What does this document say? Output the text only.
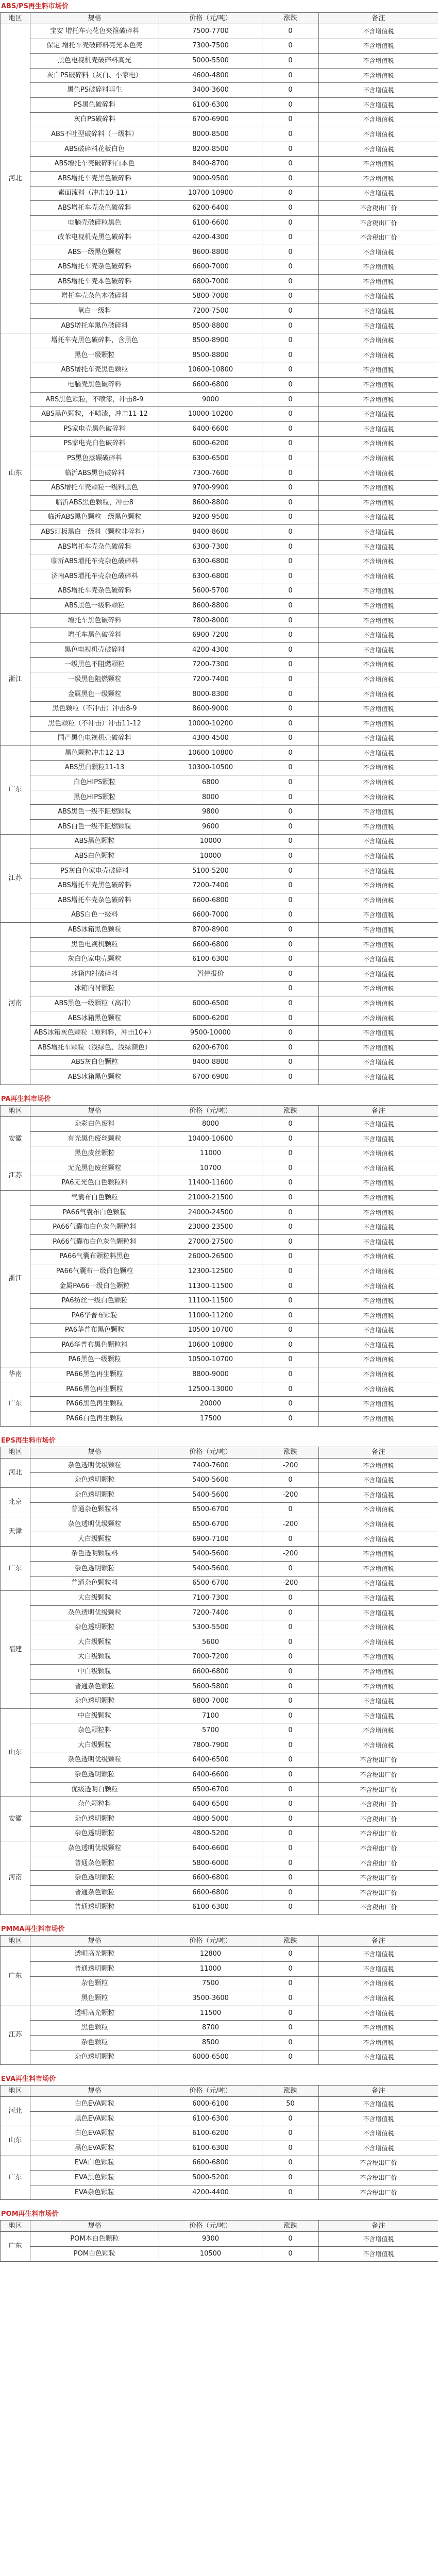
ABS/PS再生料市场价
地区	规格	价格（元/吨）	涨跌	备注
河北	宝安 增托车壳花色夹箍破碎料	7500-7700	0	不含增值税
	保定 增托车壳破碎料亮光本色壳	7300-7500	0	不含增值税
	黑色电视机壳破碎料高光	5000-5500	0	不含增值税
	灰白PS破碎料（灰白、小家电）	4600-4800	0	不含增值税
	黑色PS破碎料再生	3400-3600	0	不含增值税
	PS黑色破碎料	6100-6300	0	不含增值税
	灰白PS破碎料	6700-6900	0	不含增值税
	ABS不吐型破碎料（一级料）	8000-8500	0	不含增值税
	ABS破碎料花板白色	8200-8500	0	不含增值税
	ABS增托车壳破碎料白本色	8400-8700	0	不含增值税
	ABS增托车壳黑色破碎料	9000-9500	0	不含增值税
	素面流料（冲击10-11）	10700-10900	0	不含增值税
	ABS增托车壳杂色破碎料	6200-6400	0	不含税出厂价
	电脑壳破碎粒黑色	6100-6600	0	不含税出厂价
	改苯电视机壳黑色破碎料	4200-4300	0	不含税出厂价
	ABS一级黑色颗粒	8600-8800	0	不含增值税
	ABS增托车壳杂色破碎料	6600-7000	0	不含增值税
	ABS增托车壳本色破碎料	6800-7000	0	不含增值税
	增托车壳杂色本破碎料	5800-7000	0	不含增值税
	氧白一级料	7200-7500	0	不含增值税
	ABS增托车黑色破碎料	8500-8800	0	不含增值税
山东	增托车壳黑色破碎料，含黑色	8500-8900	0	不含增值税
	黑色一级颗粒	8500-8800	0	不含增值税
	ABS增托车壳黑色颗粒	10600-10800	0	不含增值税
	电脑壳黑色破碎料	6600-6800	0	不含增值税
	ABS黑色颗粒，不喷漆，冲击8-9	9000	0	不含增值税
	ABS黑色颗粒，不喷漆，冲击11-12	10000-10200	0	不含增值税
	PS家电壳黑色破碎料	6400-6600	0	不含增值税
	PS家电壳白色破碎料	6000-6200	0	不含增值税
	PS黑色蒸碾破碎料	6300-6500	0	不含增值税
	临沂ABS黑色破碎料	7300-7600	0	不含增值税
	ABS增托车壳颗粒一级料黑色	9700-9900	0	不含增值税
	临沂ABS黑色颗粒，冲击8	8600-8800	0	不含增值税
	临沂ABS黑色颗粒一级黑色颗粒	9200-9500	0	不含增值税
	ABS灯板黑白一级料（颗粒非碎料）	8400-8600	0	不含增值税
	ABS增托车壳杂色破碎料	6300-7300	0	不含增值税
	临沂ABS增托车壳杂色破碎料	6300-6800	0	不含增值税
	济南ABS增托车壳杂色破碎料	6300-6800	0	不含增值税
	ABS增托车壳杂色破碎料	5600-5700	0	不含增值税
	ABS黑色一级料颗粒	8600-8800	0	不含增值税
浙江	增托车黑色破碎料	7800-8000	0	不含增值税
	增托车黑色破碎料	6900-7200	0	不含增值税
	黑色电视机壳破碎料	4200-4300	0	不含增值税
	一级黑色不阻燃颗粒	7200-7300	0	不含增值税
	一级黑色阻燃颗粒	7200-7400	0	不含增值税
	金属黑色一级颗粒	8000-8300	0	不含增值税
	黑色颗粒（不冲击）冲击8-9	8600-9000	0	不含增值税
	黑色颗粒（不冲击）冲击11-12	10000-10200	0	不含增值税
	国产黑色电视机壳破碎料	4300-4500	0	不含增值税
广东	黑色颗粒冲击12-13	10600-10800	0	不含增值税
	ABS黑白颗粒11-13	10300-10500	0	不含增值税
	白色HIPS颗粒	6800	0	不含增值税
	黑色HIPS颗粒	8000	0	不含增值税
	ABS黑色一级不阻燃颗粒	9800	0	不含增值税
	ABS白色一级不阻燃颗粒	9600	0	不含增值税
江苏	ABS黑色颗粒	10000	0	不含增值税
	ABS白色颗粒	10000	0	不含增值税
	PS灰白色家电壳破碎料	5100-5200	0	不含增值税
	ABS增托车壳黑色破碎料	7200-7400	0	不含增值税
	ABS增托车壳杂色破碎料	6600-6800	0	不含增值税
	ABS白色一级料	6600-7000	0	不含增值税
河南	ABS冰箱黑色颗粒	8700-8900	0	不含增值税
	黑色电视机颗粒	6600-6800	0	不含增值税
	灰白色家电壳颗粒	6100-6300	0	不含增值税
	冰箱内衬破碎料	暂停报价	0	不含增值税
	冰箱内衬颗粒		0	不含增值税
	ABS黑色一级颗粒（高冲）	6000-6500	0	不含增值税
	ABS冰箱黑色颗粒	6000-6200	0	不含增值税
	ABS冰箱灰色颗粒（原料料，冲击10+）	9500-10000	0	不含增值税
	ABS增托车颗粒（浅绿色、浅绿颜色）	6200-6700	0	不含增值税
	ABS灰白色颗粒	8400-8800	0	不含增值税
	ABS冰箱黑色颗粒	6700-6900	0	不含增值税
PA再生料市场价
地区	规格	价格（元/吨）	涨跌	备注
安徽	杂彩白色废料	8000	0	不含增值税
	有光黑色废丝颗粒	10400-10600	0	不含增值税
	黑色废丝颗粒	11000	0	不含增值税
江苏	无光黑色废丝颗粒	10700	0	不含增值税
	PA6无光色白色颗粒料	11400-11600	0	不含增值税
浙江	气囊布白色颗粒	21000-21500	0	不含增值税
	PA66气囊布白色颗粒	24000-24500	0	不含增值税
	PA66气囊布白色灰色颗粒料	23000-23500	0	不含增值税
	PA66气囊布白色灰色颗粒料	27000-27500	0	不含增值税
	PA66气囊布颗粒料黑色	26000-26500	0	不含增值税
	PA66气囊布一级白色颗粒	12300-12500	0	不含增值税
	金属PA66一级白色颗粒	11300-11500	0	不含增值税
	PA6纺丝一级白色颗粒	11100-11500	0	不含增值税
	PA6华普布颗粒	11000-11200	0	不含增值税
	PA6华普布黑色颗粒	10500-10700	0	不含增值税
	PA6华普布黑色颗粒料	10600-10800	0	不含增值税
	PA6黑色一级颗粒	10500-10700	0	不含增值税
华南	PA66黑色再生颗粒	8800-9000	0	不含增值税
广东	PA66黑色再生颗粒	12500-13000	0	不含增值税
	PA66黑色再生颗粒	20000	0	不含增值税
	PA66白色再生颗粒	17500	0	不含增值税
EPS再生料市场价
地区	规格	价格（元/吨）	涨跌	备注
河北	杂色透明优级颗粒	7400-7600	-200	不含增值税
	杂色透明颗粒	5400-5600	0	不含增值税
北京	杂色透明颗粒	5400-5600	-200	不含增值税
	普通杂色颗粒料	6500-6700	0	不含增值税
天津	杂色透明优级颗粒	6500-6700	-200	不含增值税
	大白级颗粒	6900-7100	0	不含增值税
广东	杂色透明颗粒料	5400-5600	-200	不含增值税
	杂色透明颗粒	5400-5600	0	不含增值税
	普通杂色颗粒料	6500-6700	-200	不含增值税
福建	大白级颗粒	7100-7300	0	不含增值税
	杂色透明优级颗粒	7200-7400	0	不含增值税
	杂色透明颗粒	5300-5500	0	不含增值税
	大白级颗粒	5600	0	不含增值税
	大白级颗粒	7000-7200	0	不含增值税
	中白级颗粒	6600-6800	0	不含增值税
	普通杂色颗粒	5600-5800	0	不含增值税
	杂色透明颗粒	6800-7000	0	不含增值税
山东	中白级颗粒	7100	0	不含增值税
	杂色颗粒料	5700	0	不含增值税
	大白级颗粒	7800-7900	0	不含增值税
	杂色透明优级颗粒	6400-6500	0	不含税出厂价
	杂色透明颗粒	6400-6600	0	不含税出厂价
	优级透明白颗粒	6500-6700	0	不含税出厂价
安徽	杂色颗粒料	6400-6500	0	不含税出厂价
	杂色透明颗粒	4800-5000	0	不含税出厂价
	杂色透明颗粒	4800-5200	0	不含税出厂价
河南	杂色透明优级颗粒	6400-6600	0	不含税出厂价
	普通杂色颗粒	5800-6000	0	不含税出厂价
	杂色透明颗粒	6600-6800	0	不含税出厂价
	普通杂色颗粒	6600-6800	0	不含税出厂价
	普通透明颗粒	6100-6300	0	不含税出厂价
PMMA再生料市场价
地区	规格	价格（元/吨）	涨跌	备注
广东	透明高光颗粒	12800	0	不含增值税
	普通透明颗粒	11000	0	不含增值税
	杂色颗粒	7500	0	不含增值税
	黑色颗粒	3500-3600	0	不含增值税
江苏	透明高光颗粒	11500	0	不含增值税
	黑色颗粒	8700	0	不含增值税
	杂色颗粒	8500	0	不含增值税
	杂色透明颗粒	6000-6500	0	不含增值税
EVA再生料市场价
地区	规格	价格（元/吨）	涨跌	备注
河北	白色EVA颗粒	6000-6100	50	不含增值税
	黑色EVA颗粒	6100-6300	0	不含增值税
山东	白色EVA颗粒	6100-6200	0	不含增值税
	黑色EVA颗粒	6100-6300	0	不含增值税
广东	EVA白色颗粒	6600-6800	0	不含税出厂价
	EVA黑色颗粒	5000-5200	0	不含税出厂价
	EVA杂色颗粒	4200-4400	0	不含税出厂价
POM再生料市场价
地区	规格	价格（元/吨）	涨跌	备注
广东	POM本白色颗粒	9300	0	不含增值税
	POM白色颗粒	10500	0	不含增值税
